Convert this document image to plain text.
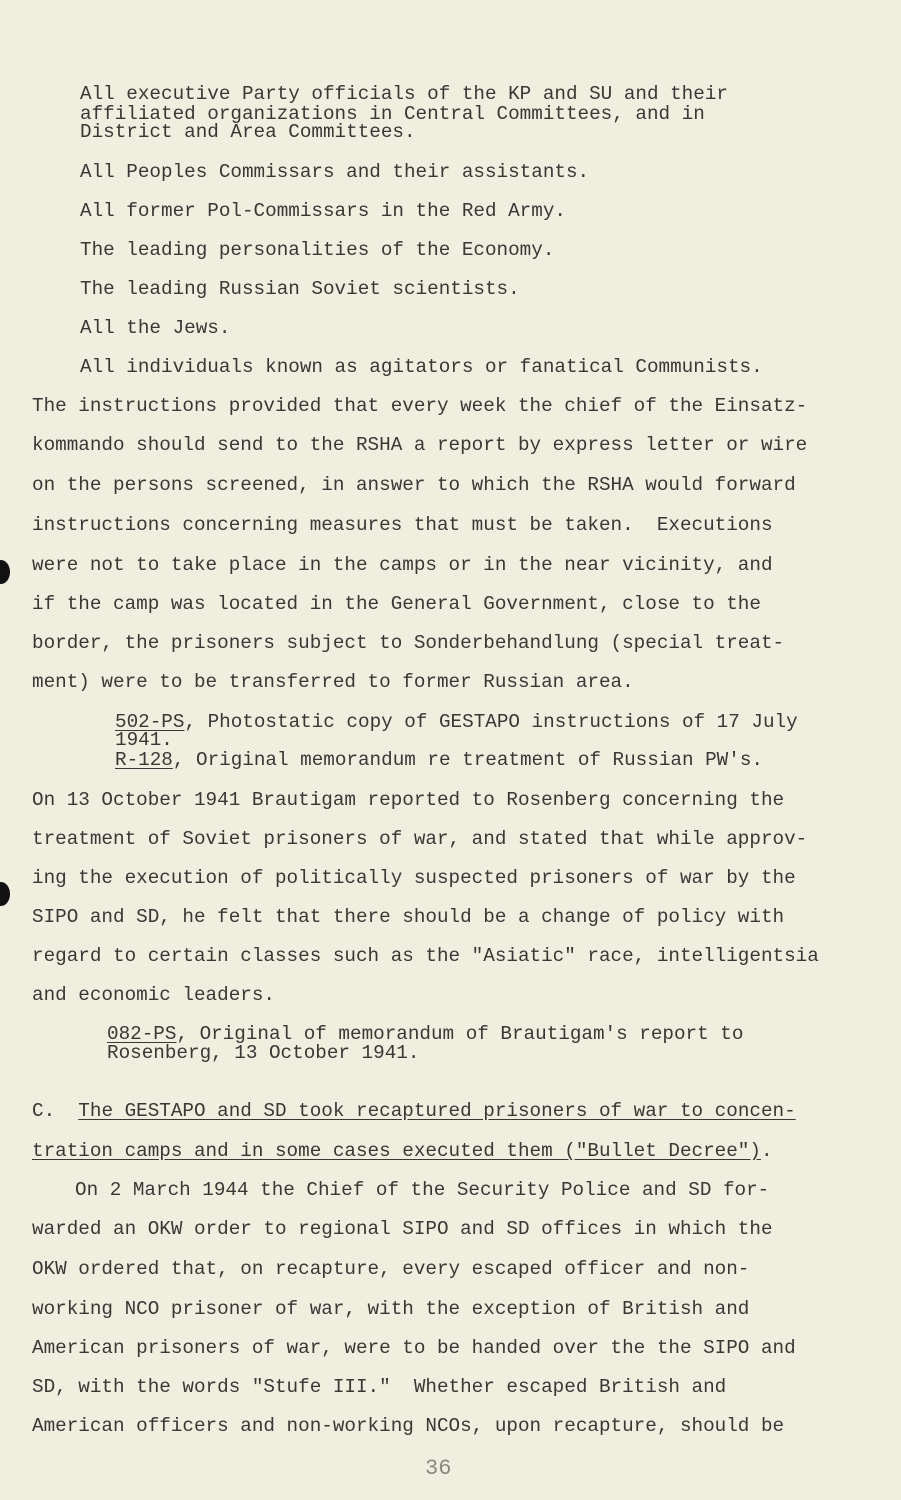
All executive Party officials of the KP and SU and their
affiliated organizations in Central Committees, and in
District and Area Committees.
All Peoples Commissars and their assistants.
All former Pol-Commissars in the Red Army.
The leading personalities of the Economy.
The leading Russian Soviet scientists.
All the Jews.
All individuals known as agitators or fanatical Communists.
The instructions provided that every week the chief of the Einsatz-
kommando should send to the RSHA a report by express letter or wire
on the persons screened, in answer to which the RSHA would forward
instructions concerning measures that must be taken.  Executions
were not to take place in the camps or in the near vicinity, and
if the camp was located in the General Government, close to the
border, the prisoners subject to Sonderbehandlung (special treat-
ment) were to be transferred to former Russian area.
502-PS, Photostatic copy of GESTAPO instructions of 17 July
1941.
R-128, Original memorandum re treatment of Russian PW's.
On 13 October 1941 Brautigam reported to Rosenberg concerning the
treatment of Soviet prisoners of war, and stated that while approv-
ing the execution of politically suspected prisoners of war by the
SIPO and SD, he felt that there should be a change of policy with
regard to certain classes such as the "Asiatic" race, intelligentsia
and economic leaders.
082-PS, Original of memorandum of Brautigam's report to
Rosenberg, 13 October 1941.
C.  The GESTAPO and SD took recaptured prisoners of war to concen-
tration camps and in some cases executed them ("Bullet Decree").
On 2 March 1944 the Chief of the Security Police and SD for-
warded an OKW order to regional SIPO and SD offices in which the
OKW ordered that, on recapture, every escaped officer and non-
working NCO prisoner of war, with the exception of British and
American prisoners of war, were to be handed over the the SIPO and
SD, with the words "Stufe III."  Whether escaped British and
American officers and non-working NCOs, upon recapture, should be
36
